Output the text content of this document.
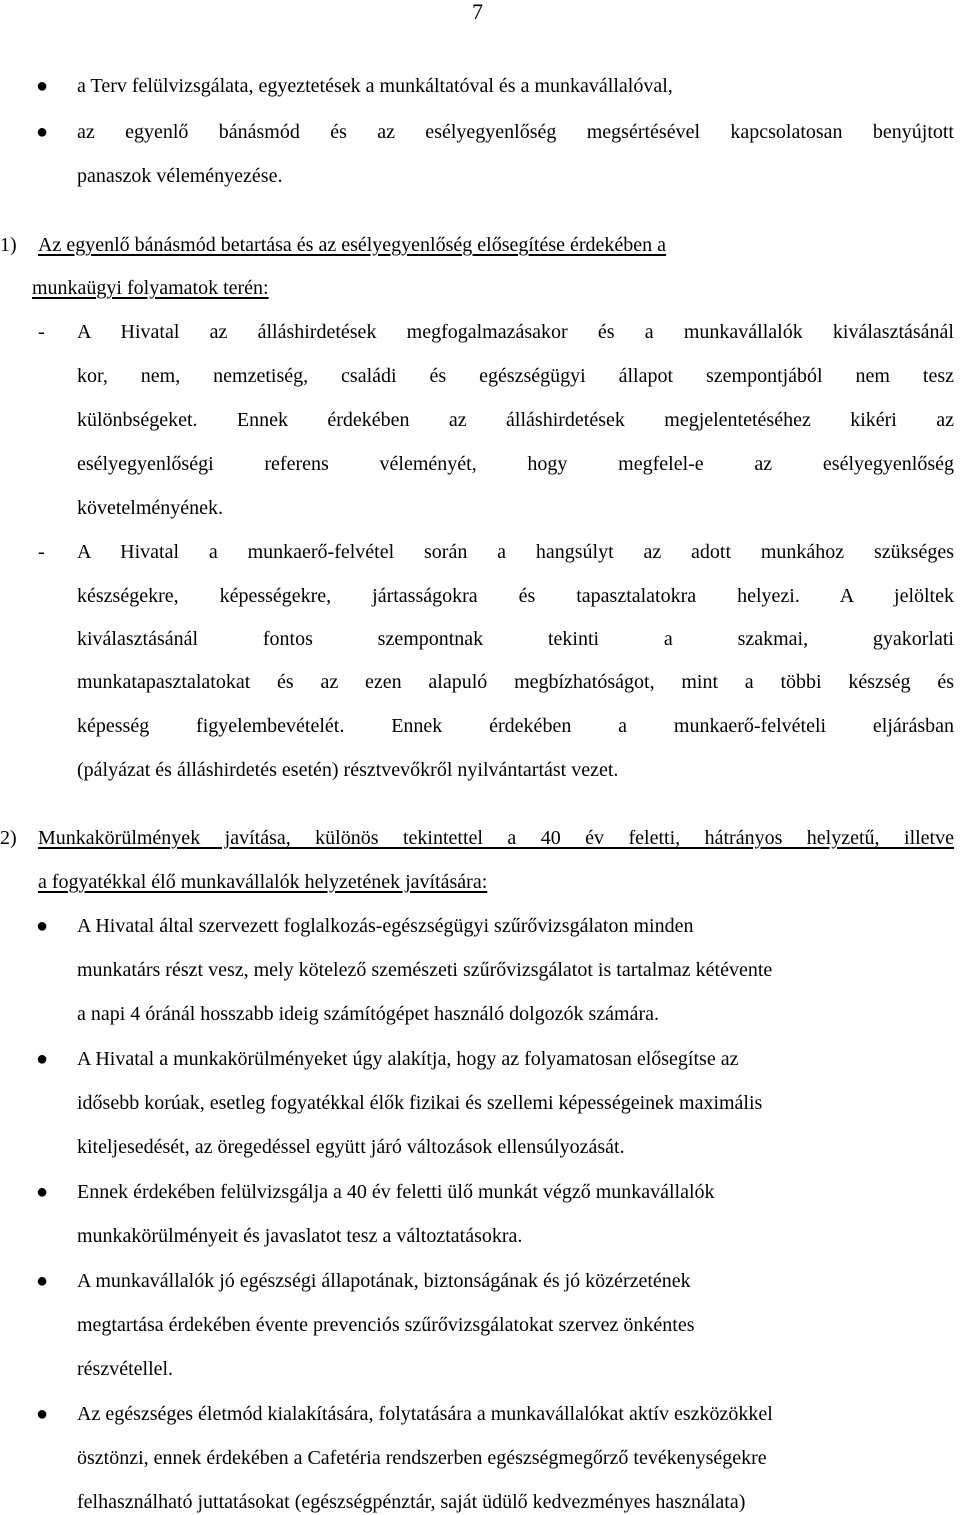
7
● a Terv felülvizsgálata, egyeztetések a munkáltatóval és a munkavállalóval,
● az egyenlő bánásmód és az esélyegyenlőség megsértésével kapcsolatosan benyújtott
panaszok véleményezése.
1) Az egyenlő bánásmód betartása és az esélyegyenlőség elősegítése érdekében a
munkaügyi folyamatok terén:
- A Hivatal az álláshirdetések megfogalmazásakor és a munkavállalók kiválasztásánál
kor, nem, nemzetiség, családi és egészségügyi állapot szempontjából nem tesz
különbségeket. Ennek érdekében az álláshirdetések megjelentetéséhez kikéri az
esélyegyenlőségi referens véleményét, hogy megfelel-e az esélyegyenlőség
követelményének.
- A Hivatal a munkaerő-felvétel során a hangsúlyt az adott munkához szükséges
készségekre, képességekre, jártasságokra és tapasztalatokra helyezi. A jelöltek
kiválasztásánál fontos szempontnak tekinti a szakmai, gyakorlati
munkatapasztalatokat és az ezen alapuló megbízhatóságot, mint a többi készség és
képesség figyelembevételét. Ennek érdekében a munkaerő-felvételi eljárásban
(pályázat és álláshirdetés esetén) résztvevőkről nyilvántartást vezet.
2) Munkakörülmények javítása, különös tekintettel a 40 év feletti, hátrányos helyzetű, illetve
a fogyatékkal élő munkavállalók helyzetének javítására:
● A Hivatal által szervezett foglalkozás-egészségügyi szűrővizsgálaton minden
munkatárs részt vesz, mely kötelező szemészeti szűrővizsgálatot is tartalmaz kétévente
a napi 4 óránál hosszabb ideig számítógépet használó dolgozók számára.
● A Hivatal a munkakörülményeket úgy alakítja, hogy az folyamatosan elősegítse az
idősebb korúak, esetleg fogyatékkal élők fizikai és szellemi képességeinek maximális
kiteljesedését, az öregedéssel együtt járó változások ellensúlyozását.
● Ennek érdekében felülvizsgálja a 40 év feletti ülő munkát végző munkavállalók
munkakörülményeit és javaslatot tesz a változtatásokra.
● A munkavállalók jó egészségi állapotának, biztonságának és jó közérzetének
megtartása érdekében évente prevenciós szűrővizsgálatokat szervez önkéntes
részvétellel.
● Az egészséges életmód kialakítására, folytatására a munkavállalókat aktív eszközökkel
ösztönzi, ennek érdekében a Cafetéria rendszerben egészségmegőrző tevékenységekre
felhasználható juttatásokat (egészségpénztár, saját üdülő kedvezményes használata)
